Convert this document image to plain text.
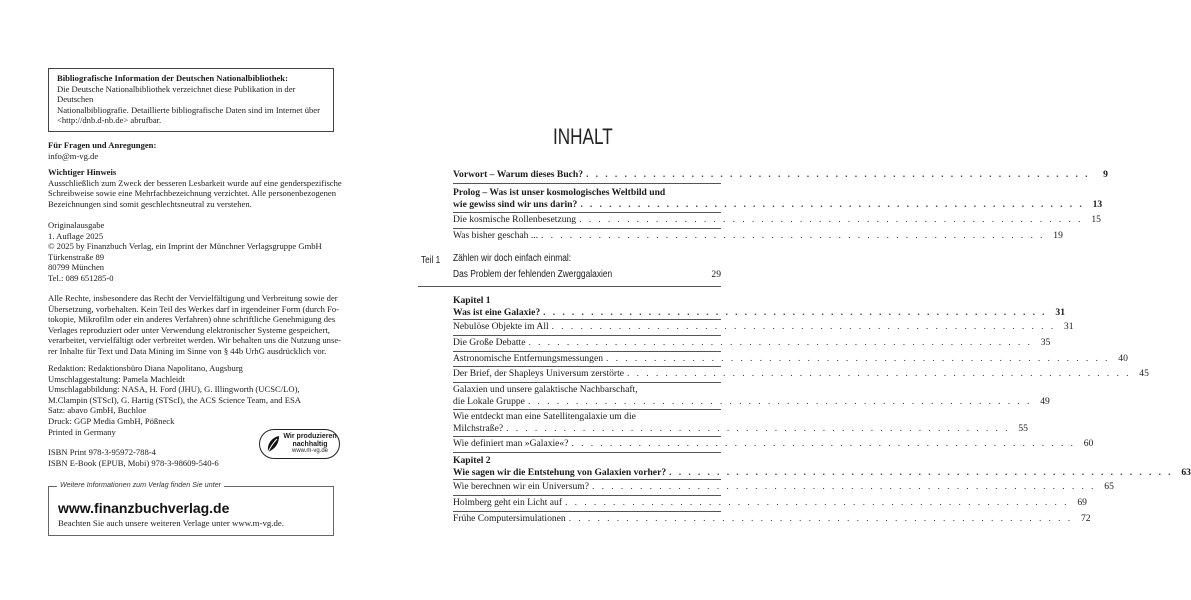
Bibliografische Information der Deutschen Nationalbibliothek:
Die Deutsche Nationalbibliothek verzeichnet diese Publikation in der Deutschen
Nationalbibliografie. Detaillierte bibliografische Daten sind im Internet über
<http://dnb.d-nb.de> abrufbar.
Für Fragen und Anregungen:
info@m-vg.de
Wichtiger Hinweis
Ausschließlich zum Zweck der besseren Lesbarkeit wurde auf eine genderspezifische
Schreibweise sowie eine Mehrfachbezeichnung verzichtet. Alle personenbezogenen
Bezeichnungen sind somit geschlechtsneutral zu verstehen.
Originalausgabe
1. Auflage 2025
© 2025 by Finanzbuch Verlag, ein Imprint der Münchner Verlagsgruppe GmbH
Türkenstraße 89
80799 München
Tel.: 089 651285-0
Alle Rechte, insbesondere das Recht der Vervielfältigung und Verbreitung sowie der
Übersetzung, vorbehalten. Kein Teil des Werkes darf in irgendeiner Form (durch Fo-
tokopie, Mikrofilm oder ein anderes Verfahren) ohne schriftliche Genehmigung des
Verlages reproduziert oder unter Verwendung elektronischer Systeme gespeichert,
verarbeitet, vervielfältigt oder verbreitet werden. Wir behalten uns die Nutzung unse-
rer Inhalte für Text und Data Mining im Sinne von § 44b UrhG ausdrücklich vor.
Redaktion: Redaktionsbüro Diana Napolitano, Augsburg
Umschlaggestaltung: Pamela Machleidt
Umschlagabbildung: NASA, H. Ford (JHU), G. Illingworth (UCSC/LO),
M.Clampin (STScI), G. Hartig (STScI), the ACS Science Team, and ESA
Satz: abavo GmbH, Buchloe
Druck: GGP Media GmbH, Pößneck
Printed in Germany
ISBN Print 978-3-95972-788-4
ISBN E-Book (EPUB, Mobi) 978-3-98609-540-6
Wir produzieren
nachhaltig
www.m-vg.de
Weitere Informationen zum Verlag finden Sie unter
www.finanzbuchverlag.de
Beachten Sie auch unsere weiteren Verlage unter www.m-vg.de.
INHALT
Vorwort – Warum dieses Buch? . . . . . . . . . . . . . . . . . . . . . . . . . . . . . . . . . . . . . . . . . . . . . . . . . . . . .	9
Prolog – Was ist unser kosmologisches Weltbild und
wie gewiss sind wir uns darin? . . . . . . . . . . . . . . . . . . . . . . . . . . . . . . . . . . . . . . . . . . . . . . . . . . . . . 13
Die kosmische Rollenbesetzung . . . . . . . . . . . . . . . . . . . . . . . . . . . . . . . . . . . . . . . . . . . . . . . . . . . . . 15
Was bisher geschah ... . . . . . . . . . . . . . . . . . . . . . . . . . . . . . . . . . . . . . . . . . . . . . . . . . . . . . 19
Teil 1 Zählen wir doch einfach einmal:
Das Problem der fehlenden Zwerggalaxien	29
Kapitel 1
Was ist eine Galaxie? . . . . . . . . . . . . . . . . . . . . . . . . . . . . . . . . . . . . . . . . . . . . . . . . . . . . . 31
Nebulöse Objekte im All . . . . . . . . . . . . . . . . . . . . . . . . . . . . . . . . . . . . . . . . . . . . . . . . . . . . . 31
Die Große Debatte . . . . . . . . . . . . . . . . . . . . . . . . . . . . . . . . . . . . . . . . . . . . . . . . . . . . . 35
Astronomische Entfernungsmessungen . . . . . . . . . . . . . . . . . . . . . . . . . . . . . . . . . . . . . . . . . . . . . . . . . . . . . 40
Der Brief, der Shapleys Universum zerstörte . . . . . . . . . . . . . . . . . . . . . . . . . . . . . . . . . . . . . . . . . . . . . . . . . . . . . 45
Galaxien und unsere galaktische Nachbarschaft,
die Lokale Gruppe . . . . . . . . . . . . . . . . . . . . . . . . . . . . . . . . . . . . . . . . . . . . . . . . . . . . . 49
Wie entdeckt man eine Satellitengalaxie um die
Milchstraße? . . . . . . . . . . . . . . . . . . . . . . . . . . . . . . . . . . . . . . . . . . . . . . . . . . . . . 55
Wie definiert man »Galaxie«? . . . . . . . . . . . . . . . . . . . . . . . . . . . . . . . . . . . . . . . . . . . . . . . . . . . . . 60
Kapitel 2
Wie sagen wir die Entstehung von Galaxien vorher? . . . . . . . . . . . . . . . . . . . . . . . . . . . . . . . . . . . . . . . . . . . . . . . . . . . . . 63
Wie berechnen wir ein Universum? . . . . . . . . . . . . . . . . . . . . . . . . . . . . . . . . . . . . . . . . . . . . . . . . . . . . . 65
Holmberg geht ein Licht auf . . . . . . . . . . . . . . . . . . . . . . . . . . . . . . . . . . . . . . . . . . . . . . . . . . . . . 69
Frühe Computersimulationen . . . . . . . . . . . . . . . . . . . . . . . . . . . . . . . . . . . . . . . . . . . . . . . . . . . . . 72
